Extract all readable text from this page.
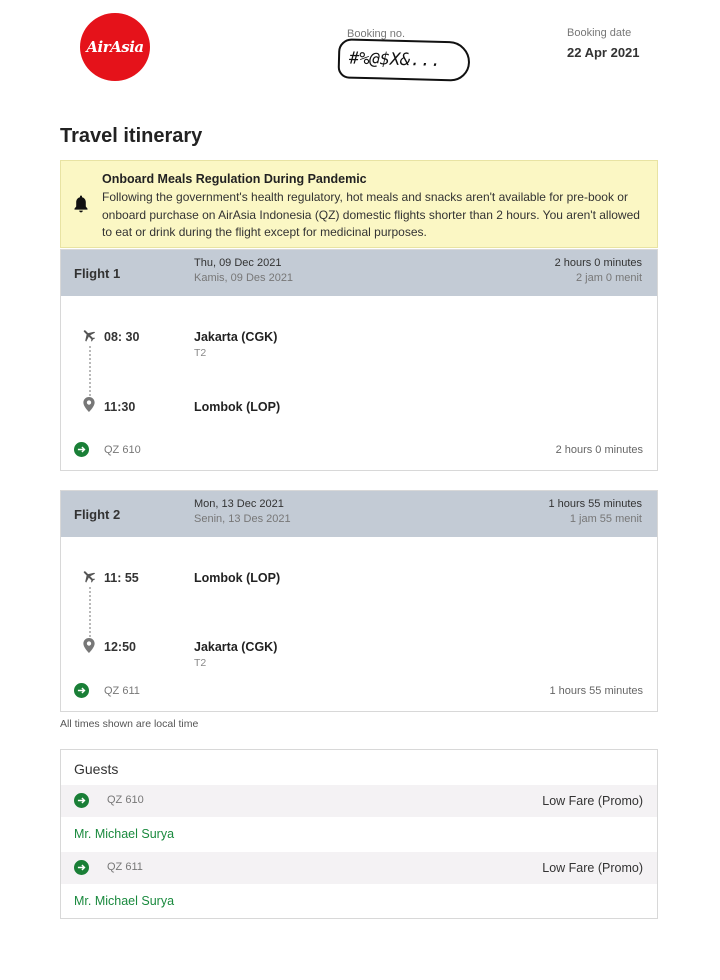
AirAsia
Booking no.
#%@$X&...
Booking date
22 Apr 2021
Travel itinerary
Onboard Meals Regulation During Pandemic
Following the government's health regulatory, hot meals and snacks aren't available for pre-book or onboard purchase on AirAsia Indonesia (QZ) domestic flights shorter than 2 hours. You aren't allowed to eat or drink during the flight except for medicinal purposes.
Flight 1
Thu, 09 Dec 2021
Kamis, 09 Des 2021
2 hours 0 minutes
2 jam 0 menit
08: 30	Jakarta (CGK)
T2
11:30	Lombok (LOP)
QZ 610	2 hours 0 minutes
Flight 2
Mon, 13 Dec 2021
Senin, 13 Des 2021
1 hours 55 minutes
1 jam 55 menit
11: 55	Lombok (LOP)
12:50	Jakarta (CGK)
T2
QZ 611	1 hours 55 minutes
All times shown are local time
Guests
QZ 610	Low Fare (Promo)
Mr. Michael Surya
QZ 611	Low Fare (Promo)
Mr. Michael Surya
